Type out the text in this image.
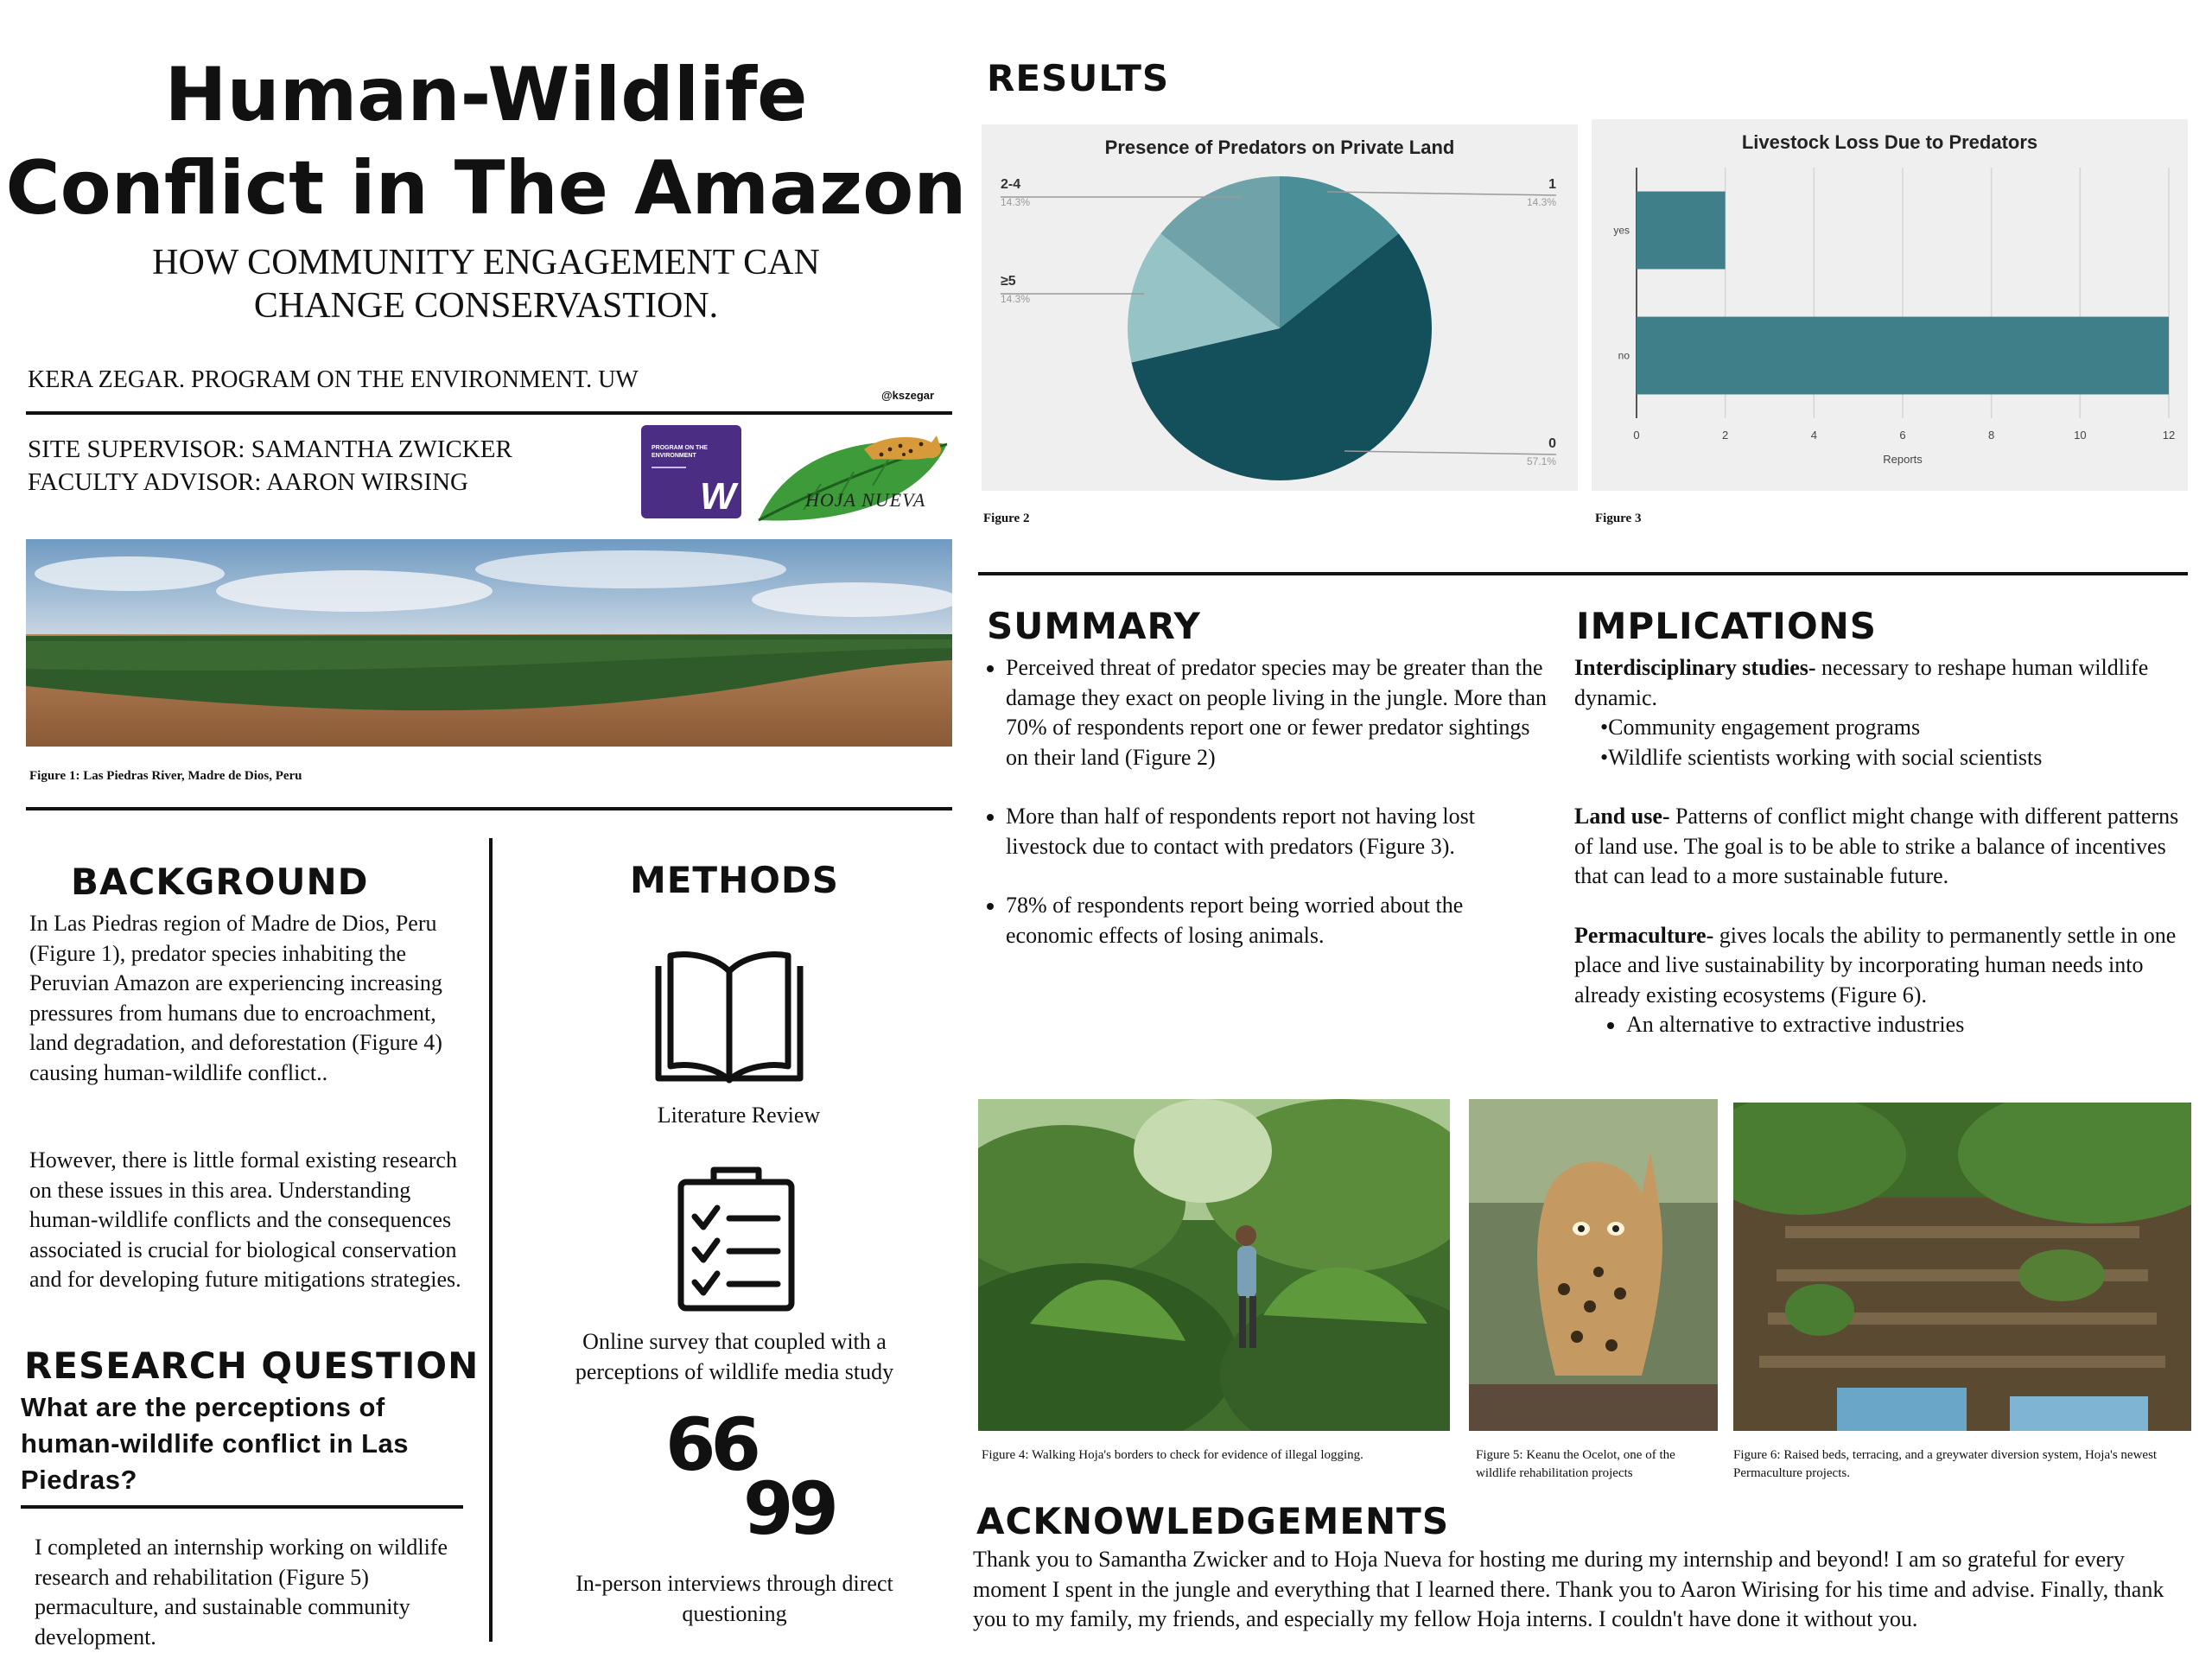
Human-Wildlife
Conflict in The Amazon
HOW COMMUNITY ENGAGEMENT CAN
CHANGE CONSERVASTION.
KERA ZEGAR. PROGRAM ON THE ENVIRONMENT. UW
@kszegar
SITE SUPERVISOR: SAMANTHA ZWICKER
FACULTY ADVISOR: AARON WIRSING
PROGRAM ON THE ENVIRONMENT
W	HOJA NUEVA
Figure 1: Las Piedras River, Madre de Dios, Peru
BACKGROUND
In Las Piedras region of Madre de Dios, Peru (Figure 1), predator species inhabiting the Peruvian Amazon are experiencing increasing pressures from humans due to encroachment, land degradation, and deforestation (Figure 4) causing human-wildlife conflict..
However, there is little formal existing research on these issues in this area. Understanding human-wildlife conflicts and the consequences associated is crucial for biological conservation and for developing future mitigations strategies.
RESEARCH QUESTION
What are the perceptions of human-wildlife conflict in Las Piedras?
I completed an internship working on wildlife research and rehabilitation (Figure 5) permaculture, and sustainable community development.
METHODS
Literature Review
Online survey that coupled with a perceptions of wildlife media study
66
99
In-person interviews through direct questioning
RESULTS
Presence of Predators on Private Land
0
57.1%
≥5
14.3%
2-4
14.3%
1
14.3%
Figure 2
Livestock Loss Due to Predators
0	2	4	6	8	10	12
yes
no
Reports
Figure 3
SUMMARY
• Perceived threat of predator species may be greater than the damage they exact on people living in the jungle. More than 70% of respondents report one or fewer predator sightings on their land (Figure 2)
• More than half of respondents report not having lost livestock due to contact with predators (Figure 3).
• 78% of respondents report being worried about the economic effects of losing animals.
IMPLICATIONS
Interdisciplinary studies- necessary to reshape human wildlife dynamic.
•Community engagement programs
•Wildlife scientists working with social scientists
Land use- Patterns of conflict might change with different patterns of land use. The goal is to be able to strike a balance of incentives that can lead to a more sustainable future.
Permaculture- gives locals the ability to permanently settle in one place and live sustainability by incorporating human needs into already existing ecosystems (Figure 6).
• An alternative to extractive industries
Figure 4: Walking Hoja's borders to check for evidence of illegal logging.	Figure 5: Keanu the Ocelot, one of the wildlife rehabilitation projects
Figure 6: Raised beds, terracing, and a greywater diversion system, Hoja's newest Permaculture projects.
ACKNOWLEDGEMENTS
Thank you to Samantha Zwicker and to Hoja Nueva for hosting me during my internship and beyond! I am so grateful for every moment I spent in the jungle and everything that I learned there. Thank you to Aaron Wirising for his time and advise. Finally, thank you to my family, my friends, and especially my fellow Hoja interns. I couldn't have done it without you.
